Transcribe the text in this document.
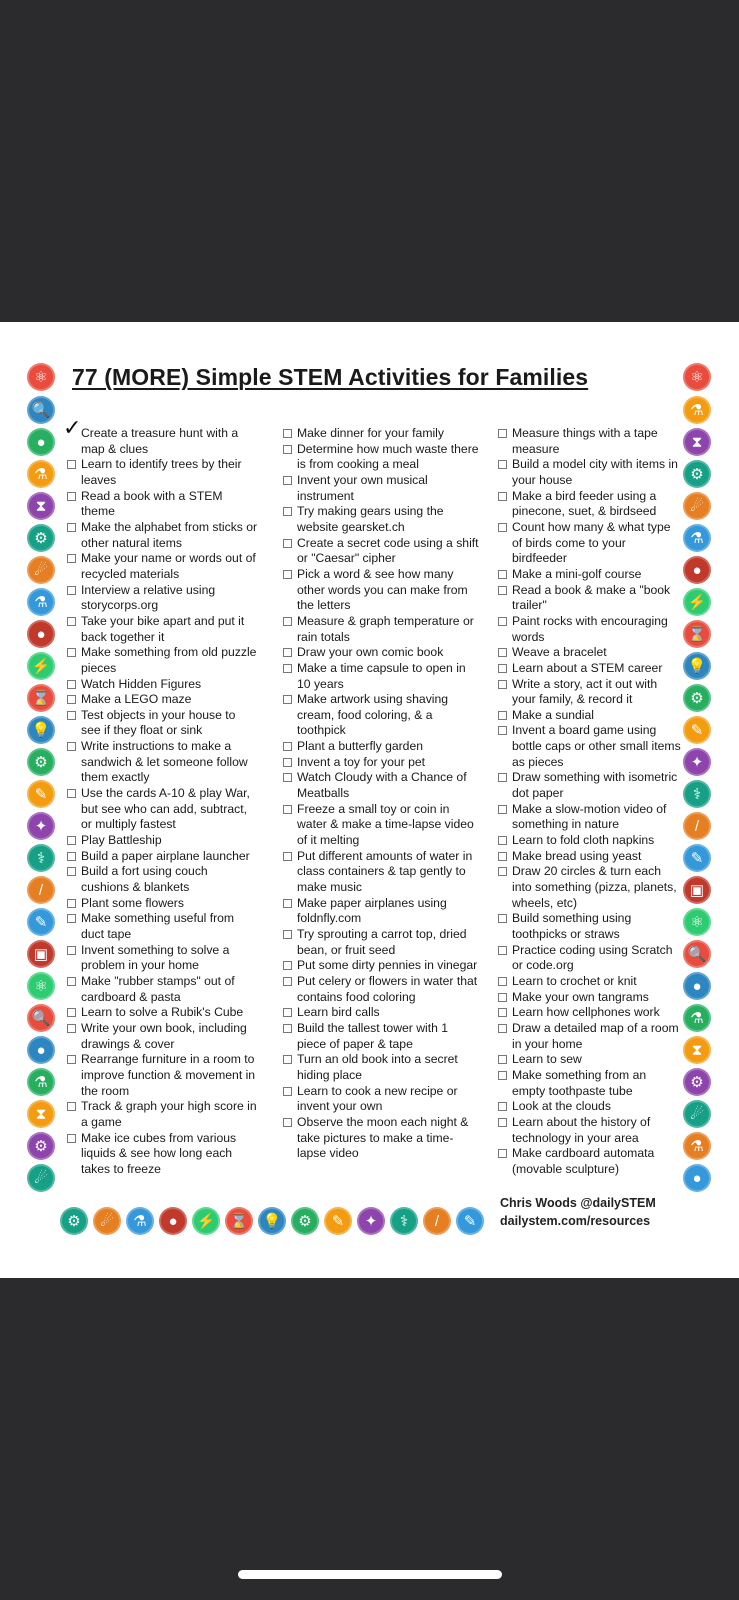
77 (MORE) Simple STEM Activities for Families
✓ Create a treasure hunt with a map & clues
Learn to identify trees by their leaves
Read a book with a STEM theme
Make the alphabet from sticks or other natural items
Make your name or words out of recycled materials
Interview a relative using storycorps.org
Take your bike apart and put it back together it
Make something from old puzzle pieces
Watch Hidden Figures
Make a LEGO maze
Test objects in your house to see if they float or sink
Write instructions to make a sandwich & let someone follow them exactly
Use the cards A-10 & play War, but see who can add, subtract, or multiply fastest
Play Battleship
Build a paper airplane launcher
Build a fort using couch cushions & blankets
Plant some flowers
Make something useful from duct tape
Invent something to solve a problem in your home
Make "rubber stamps" out of cardboard & pasta
Learn to solve a Rubik's Cube
Write your own book, including drawings & cover
Rearrange furniture in a room to improve function & movement in the room
Track & graph your high score in a game
Make ice cubes from various liquids & see how long each takes to freeze
Make dinner for your family
Determine how much waste there is from cooking a meal
Invent your own musical instrument
Try making gears using the website gearsket.ch
Create a secret code using a shift or "Caesar" cipher
Pick a word & see how many other words you can make from the letters
Measure & graph temperature or rain totals
Draw your own comic book
Make a time capsule to open in 10 years
Make artwork using shaving cream, food coloring, & a toothpick
Plant a butterfly garden
Invent a toy for your pet
Watch Cloudy with a Chance of Meatballs
Freeze a small toy or coin in water & make a time-lapse video of it melting
Put different amounts of water in class containers & tap gently to make music
Make paper airplanes using foldnfly.com
Try sprouting a carrot top, dried bean, or fruit seed
Put some dirty pennies in vinegar
Put celery or flowers in water that contains food coloring
Learn bird calls
Build the tallest tower with 1 piece of paper & tape
Turn an old book into a secret hiding place
Learn to cook a new recipe or invent your own
Observe the moon each night & take pictures to make a time-lapse video
Measure things with a tape measure
Build a model city with items in your house
Make a bird feeder using a pinecone, suet, & birdseed
Count how many & what type of birds come to your birdfeeder
Make a mini-golf course
Read a book & make a "book trailer"
Paint rocks with encouraging words
Weave a bracelet
Learn about a STEM career
Write a story, act it out with your family, & record it
Make a sundial
Invent a board game using bottle caps or other small items as pieces
Draw something with isometric dot paper
Make a slow-motion video of something in nature
Learn to fold cloth napkins
Make bread using yeast
Draw 20 circles & turn each into something (pizza, planets, wheels, etc)
Build something using toothpicks or straws
Practice coding using Scratch or code.org
Learn to crochet or knit
Make your own tangrams
Learn how cellphones work
Draw a detailed map of a room in your home
Learn to sew
Make something from an empty toothpaste tube
Look at the clouds
Learn about the history of technology in your area
Make cardboard automata (movable sculpture)
Chris Woods @dailySTEM
dailystem.com/resources
⚛	⚛
🔍	⚗
●	⧗
⚗	⚙
⧗	☄
⚙	⚗
☄	●
⚗	⚡
●	⌛
⚡	💡
⌛	⚙
💡	✎
⚙	✦
✎	⚕
✦	/
⚕	✎
/	▣
✎	⚛
▣	🔍
⚛	●
🔍	⚗
●	⧗
⚗	⚙
⧗	☄
⚙	⚗
☄	●
⚙	☄	⚗	●	⚡ ⌛ 💡	⚙	✎	✦	⚕	/	✎
